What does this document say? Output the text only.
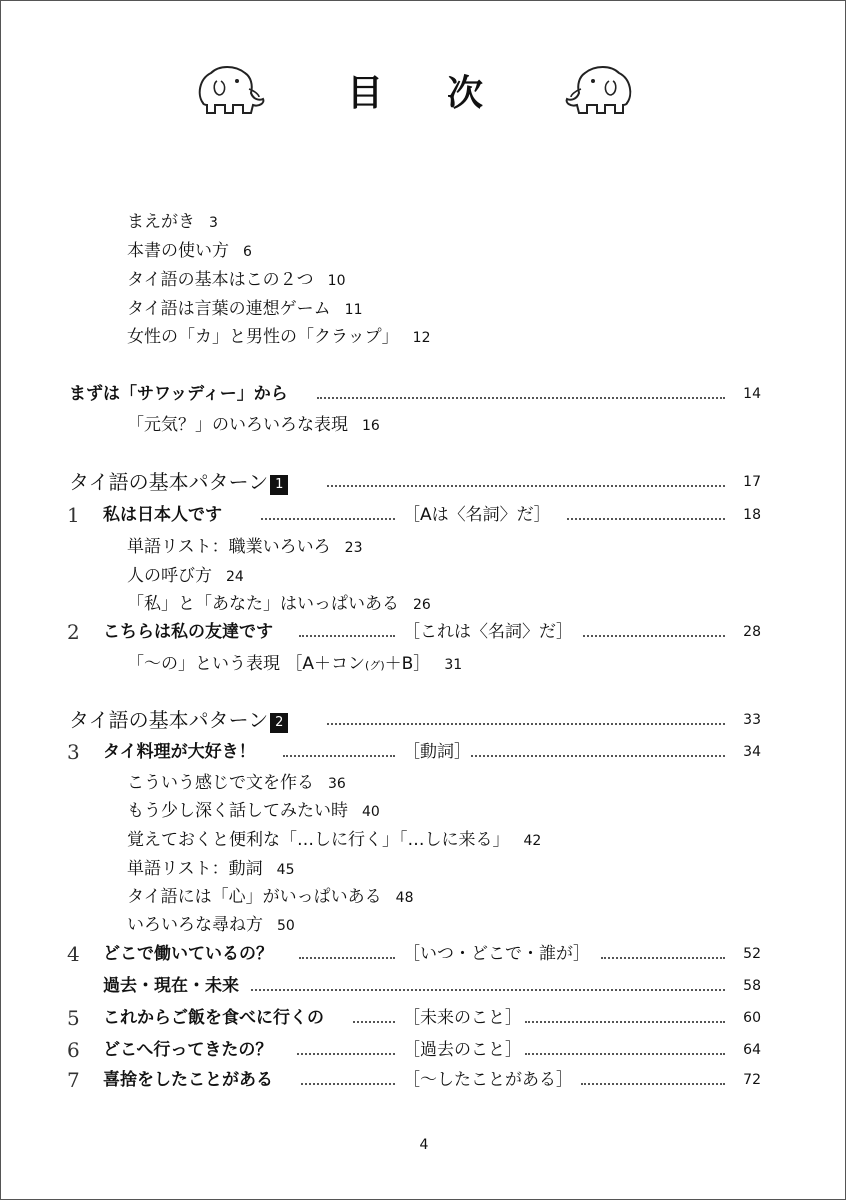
目 次
まえがき 3
本書の使い方 6
タイ語の基本はこの２つ 10
タイ語は言葉の連想ゲーム 11
女性の「カ」と男性の「クラップ」 12
まずは「サワッディー」から	14
「元気？」のいろいろな表現 16
タイ語の基本パターン 1	17
1 私は日本人です	［Aは〈名詞〉だ］	18
単語リスト：職業いろいろ 23
人の呼び方 24
「私」と「あなた」はいっぱいある 26
2 こちらは私の友達です	［これは〈名詞〉だ］	28
「〜の」という表現 ［A＋コン(グ)＋B］ 31
タイ語の基本パターン 2	33
3 タイ料理が大好き！	［動詞］	34
こういう感じで文を作る 36
もう少し深く話してみたい時 40
覚えておくと便利な「…しに行く」「…しに来る」 42
単語リスト：動詞 45
タイ語には「心」がいっぱいある 48
いろいろな尋ね方 50
4 どこで働いているの？	［いつ・どこで・誰が］	52
過去・現在・未来	58
5 これからご飯を食べに行くの	［未来のこと］	60
6 どこへ行ってきたの？	［過去のこと］	64
7 喜捨をしたことがある	［〜したことがある］	72
4
